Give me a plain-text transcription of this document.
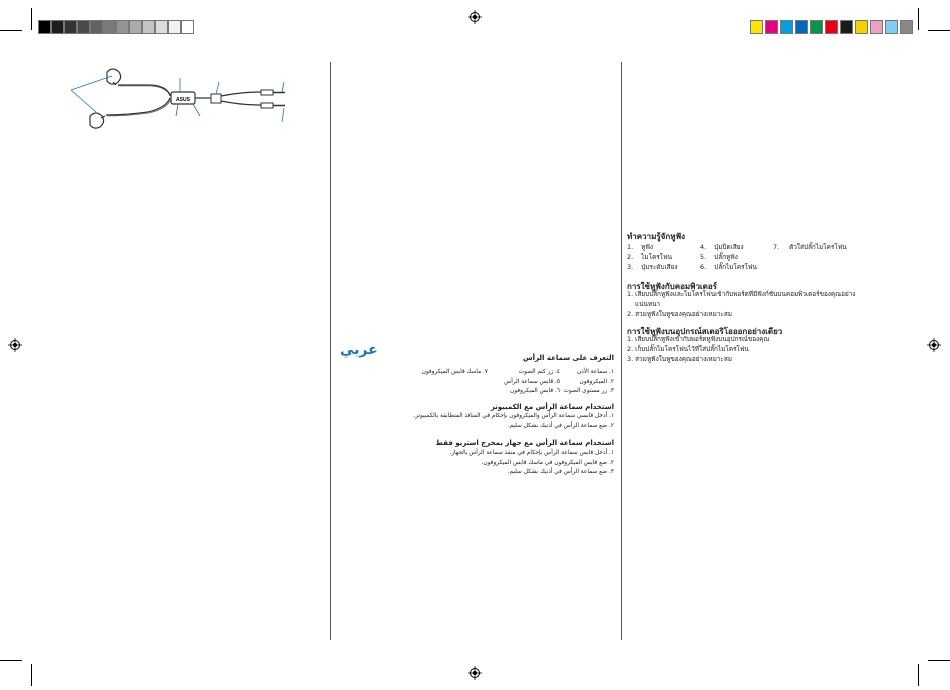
ASUS
عربي	التعرف على سماعة الرأس
١. سماعة الأذن
٢. الميكروفون
٣. زر مستوى الصوت
٤. زر كتم الصوت
٥. قابس سماعة الرأس
٦. قابس الميكروفون
٧. ماسك قابس الميكروفون
استخدام سماعة الرأس مع الكمبيوتر
١. أدخل قابسي سماعة الرأس والميكروفون بإحكام في المنافذ المتطابقة بالكمبيوتر.
٢. ضع سماعة الرأس في أذنيك بشكل سليم.
استخدام سماعة الرأس مع جهاز بمخرج استريو فقط
١. أدخل قابس سماعة الرأس بإحكام في منفذ سماعة الرأس بالجهاز.
٢. ضع قابس الميكروفون في ماسك قابس الميكروفون.
٣. ضع سماعة الرأس في أذنيك بشكل سليم.
ทำความรู้จักหูฟัง
1. หูฟัง
2. ไมโครโฟน
3. ปุ่มระดับเสียง
4. ปุ่มปิดเสียง
5. ปลั๊กหูฟัง
6. ปลั๊กไมโครโฟน
7. ตัวใส่ปลั๊กไมโครโฟน
การใช้หูฟังกับคอมพิวเตอร์
1. เสียบปลั๊กหูฟังและไมโครโฟนเข้ากับพอร์ตที่มีฟังก์ชันบนคอมพิวเตอร์ของคุณอย่าง
แน่นหนา
2. สวมหูฟังในหูของคุณอย่างเหมาะสม
การใช้หูฟังบนอุปกรณ์สเตอริโอออกอย่างเดียว
1. เสียบปลั๊กหูฟังเข้ากับพอร์ตหูฟังบนอุปกรณ์ของคุณ
2. เก็บปลั๊กไมโครโฟนไว้ที่ใส่ปลั๊กไมโครโฟน
3. สวมหูฟังในหูของคุณอย่างเหมาะสม
